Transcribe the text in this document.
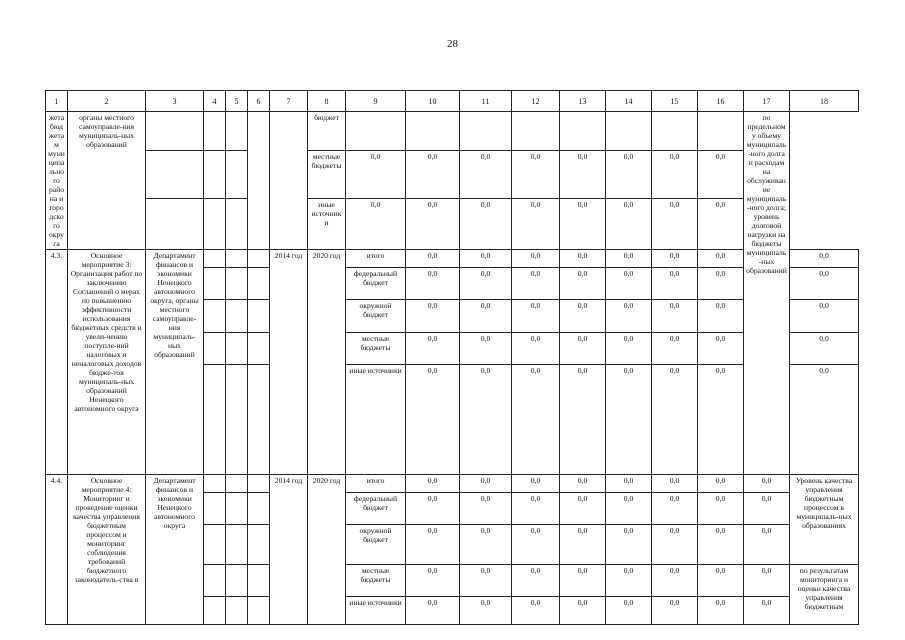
28
1	2	3	4	5	6	7	8	9	10	11	12	13	14	15	16	17	18
жета бюджетам муниципального района и городского округа	органы местного самоуправле-ния муниципаль-ных образований						бюджет									по предельному объему муниципаль-ного долга и расходам на обслуживание муниципаль-ного долга; уровень долговой нагрузки на бюджеты муниципаль-ных образований	
							местные бюджеты	0,0	0,0	0,0	0,0	0,0	0,0	0,0	0,0		
							иные источники	0,0	0,0	0,0	0,0	0,0	0,0	0,0	0,0		
4.3.	Основное мероприятие 3: Организация работ по заключению Соглашений о мерах по повышению эффективности использования бюджетных средств и увели-чению поступле-ний налоговых и неналоговых доходов бюдже-тов муниципаль-ных образований Ненецкого автономного округа	Департамент финансов и экономики Ненецкого автономного округа, органы местного самоуправле-ния муниципаль-ных образований				2014 год	2020 год	итого	0,0	0,0	0,0	0,0	0,0	0,0	0,0		0,0
								федеральный бюджет	0,0	0,0	0,0	0,0	0,0	0,0	0,0		0,0
								окружной бюджет	0,0	0,0	0,0	0,0	0,0	0,0	0,0		0,0
								местные бюджеты	0,0	0,0	0,0	0,0	0,0	0,0	0,0		0,0
								иные источники	0,0	0,0	0,0	0,0	0,0	0,0	0,0		0,0
4.4.	Основное мероприятие 4: Мониторинг и проведение оценки качества управления бюджетным процессом и мониторинг соблюдения требований бюджетного законодатель-ства в	Департамент финансов и экономики Ненецкого автономного округа				2014 год	2020 год	итого	0,0	0,0	0,0	0,0	0,0	0,0	0,0	0,0	Уровень качества управления бюджетным процессом в муниципаль-ных образованиях
								федеральный бюджет	0,0	0,0	0,0	0,0	0,0	0,0	0,0	0,0	
								окружной бюджет	0,0	0,0	0,0	0,0	0,0	0,0	0,0	0,0	
								местные бюджеты	0,0	0,0	0,0	0,0	0,0	0,0	0,0	0,0	по результатам мониторинга и оценки качества управления бюджетным
								иные источники	0,0	0,0	0,0	0,0	0,0	0,0	0,0	0,0	
